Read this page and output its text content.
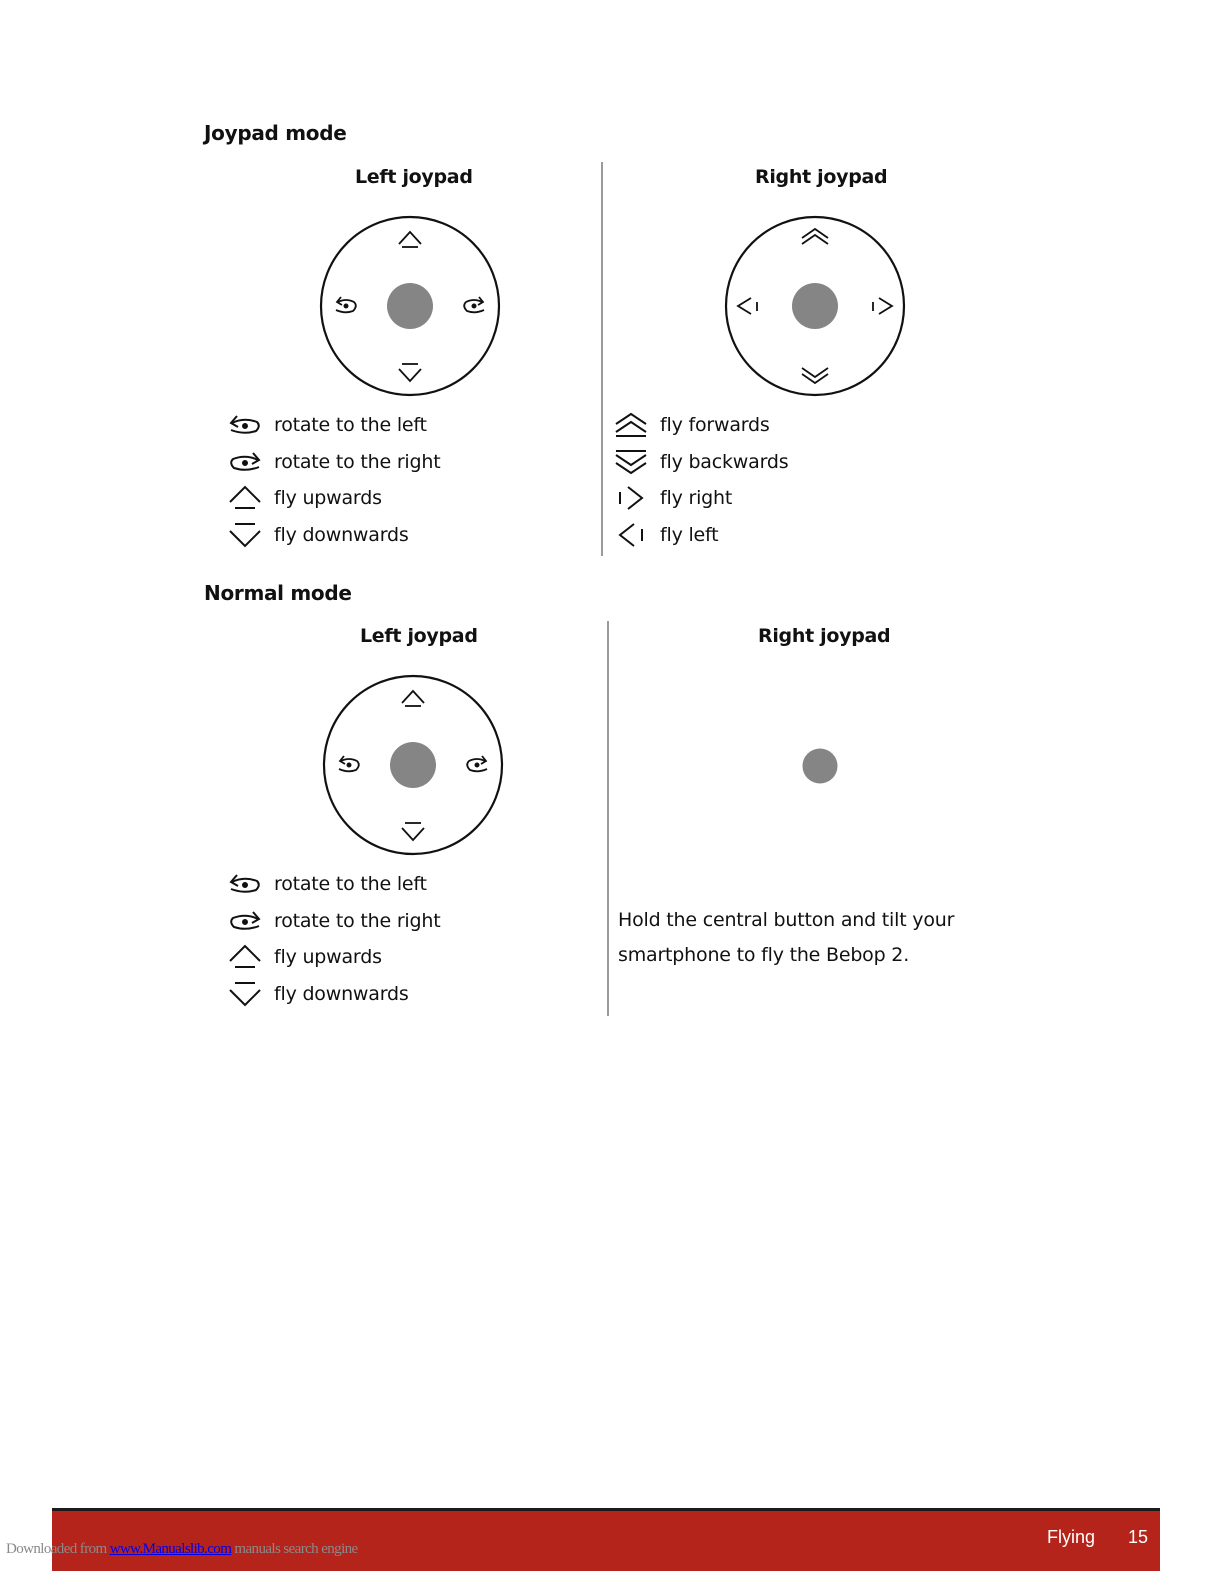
Joypad mode
Left joypad	Right joypad
rotate to the left
rotate to the right
fly upwards
fly downwards
fly forwards
fly backwards
fly right
fly left
Normal mode
Left joypad	Right joypad
rotate to the left
rotate to the right
fly upwards
fly downwards
Hold the central button and tilt your
smartphone to fly the Bebop 2.
Flying 15
Downloaded from www.Manualslib.com manuals search engine
